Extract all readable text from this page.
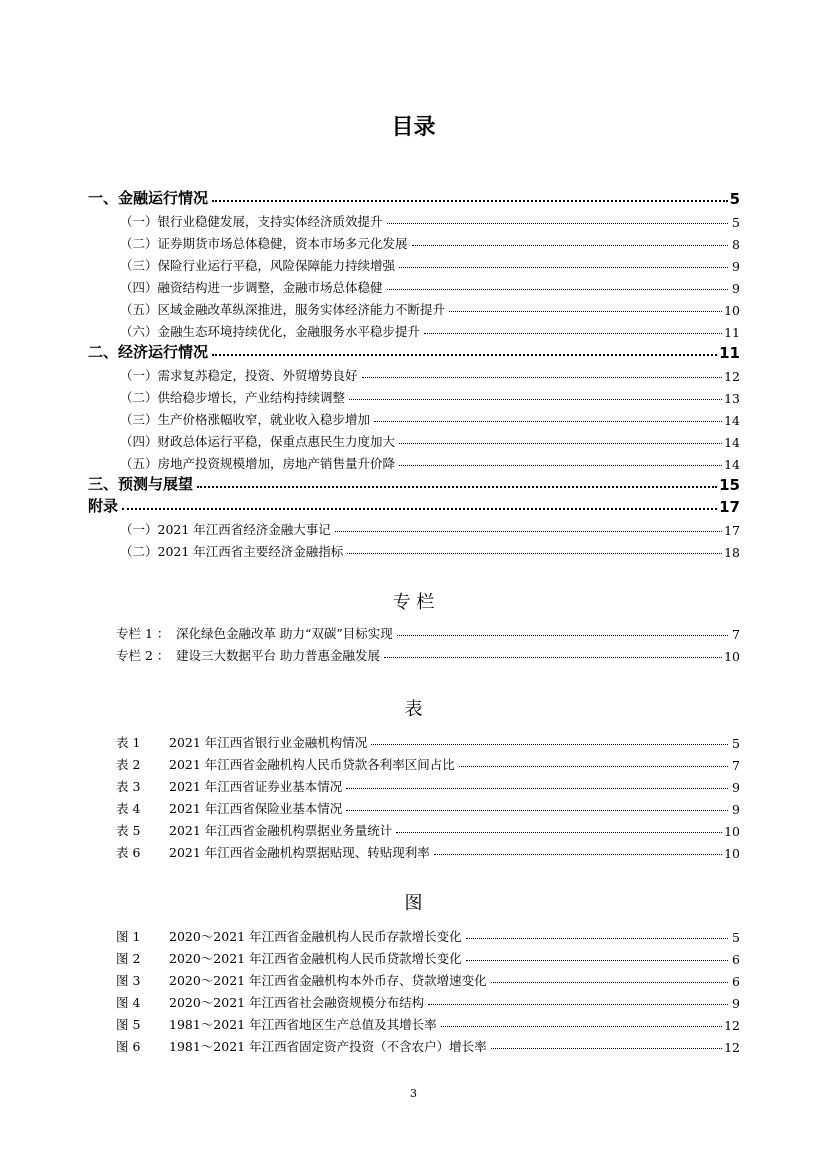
目录
一、金融运行情况	5
（一）银行业稳健发展，支持实体经济质效提升	5
（二）证券期货市场总体稳健，资本市场多元化发展	8
（三）保险行业运行平稳，风险保障能力持续增强	9
（四）融资结构进一步调整，金融市场总体稳健	9
（五）区域金融改革纵深推进，服务实体经济能力不断提升	10
（六）金融生态环境持续优化，金融服务水平稳步提升	11
二、经济运行情况	11
（一）需求复苏稳定，投资、外贸增势良好	12
（二）供给稳步增长，产业结构持续调整	13
（三）生产价格涨幅收窄，就业收入稳步增加	14
（四）财政总体运行平稳，保重点惠民生力度加大	14
（五）房地产投资规模增加，房地产销售量升价降	14
三、预测与展望	15
附录	17
（一）2021 年江西省经济金融大事记	17
（二）2021 年江西省主要经济金融指标	18
专 栏
专栏 1 ： 深化绿色金融改革 助力“双碳”目标实现	7
专栏 2 ： 建设三大数据平台 助力普惠金融发展	10
表
表 1 2021 年江西省银行业金融机构情况	5
表 2 2021 年江西省金融机构人民币贷款各利率区间占比	7
表 3 2021 年江西省证券业基本情况	9
表 4 2021 年江西省保险业基本情况	9
表 5 2021 年江西省金融机构票据业务量统计	10
表 6 2021 年江西省金融机构票据贴现、转贴现利率	10
图
图 1 2020～2021 年江西省金融机构人民币存款增长变化	5
图 2 2020～2021 年江西省金融机构人民币贷款增长变化	6
图 3 2020～2021 年江西省金融机构本外币存、贷款增速变化	6
图 4 2020～2021 年江西省社会融资规模分布结构	9
图 5 1981～2021 年江西省地区生产总值及其增长率	12
图 6 1981～2021 年江西省固定资产投资（不含农户）增长率	12
3
